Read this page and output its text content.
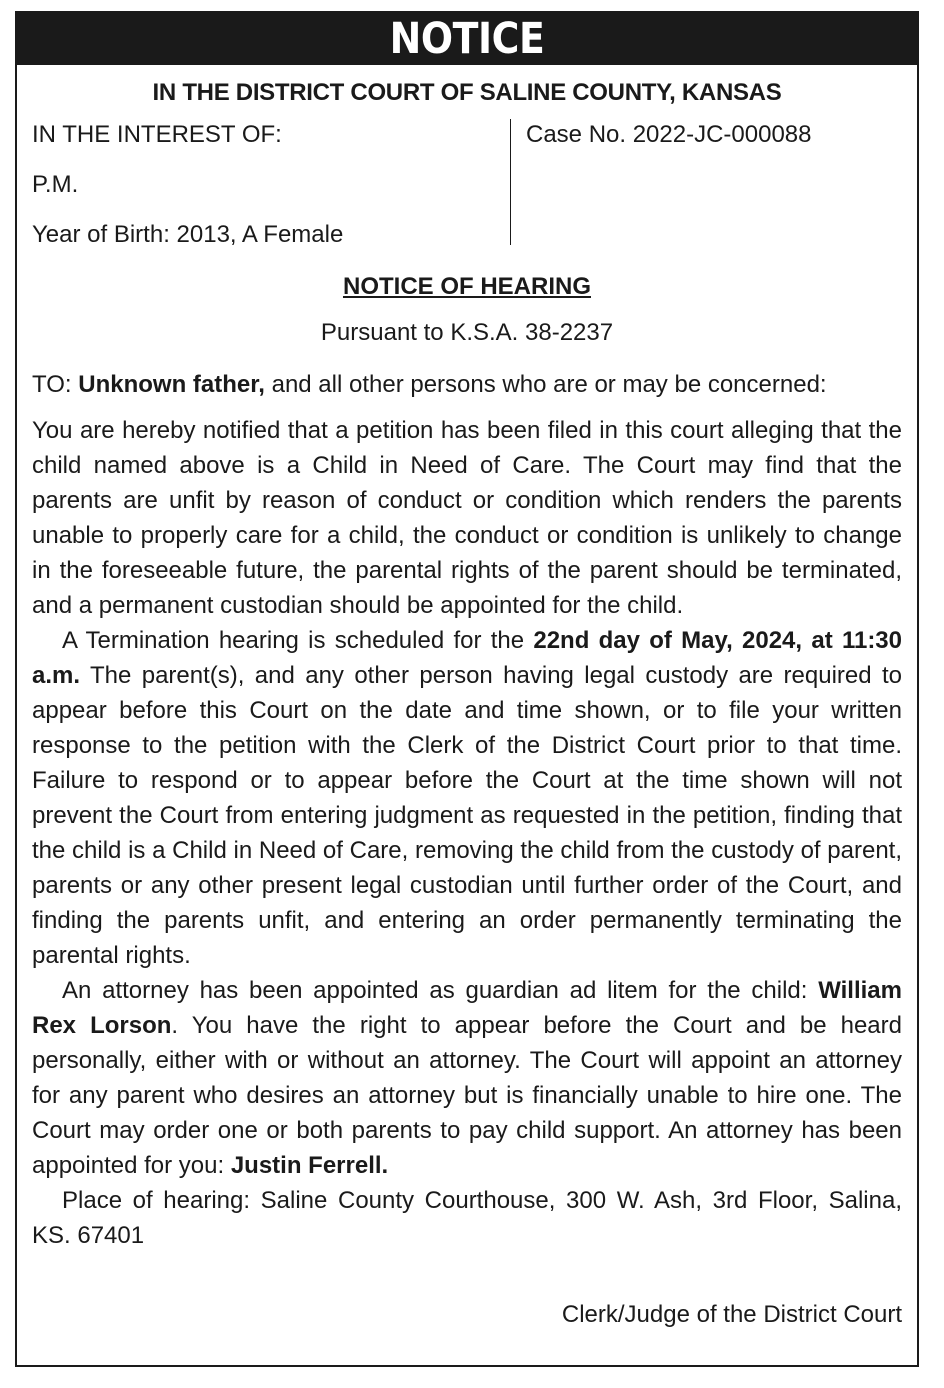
NOTICE
IN THE DISTRICT COURT OF SALINE COUNTY, KANSAS
IN THE INTEREST OF:
P.M.
Year of Birth: 2013, A Female
Case No. 2022-JC-000088
NOTICE OF HEARING
Pursuant to K.S.A. 38-2237
TO: Unknown father, and all other persons who are or may be concerned:

You are hereby notified that a petition has been filed in this court alleging that the child named above is a Child in Need of Care. The Court may find that the parents are unfit by reason of conduct or condition which renders the parents unable to properly care for a child, the conduct or condition is unlikely to change in the foreseeable future, the parental rights of the parent should be terminated, and a permanent custodian should be appointed for the child.

A Termination hearing is scheduled for the 22nd day of May, 2024, at 11:30 a.m. The parent(s), and any other person having legal custody are required to appear before this Court on the date and time shown, or to file your written response to the petition with the Clerk of the District Court prior to that time. Failure to respond or to appear before the Court at the time shown will not prevent the Court from entering judgment as requested in the petition, finding that the child is a Child in Need of Care, removing the child from the custody of parent, parents or any other present legal custodian until further order of the Court, and finding the parents unfit, and entering an order permanently terminating the parental rights.

An attorney has been appointed as guardian ad litem for the child: William Rex Lorson. You have the right to appear before the Court and be heard personally, either with or without an attorney. The Court will appoint an attorney for any parent who desires an attorney but is financially unable to hire one. The Court may order one or both parents to pay child support. An attorney has been appointed for you: Justin Ferrell.

Place of hearing: Saline County Courthouse, 300 W. Ash, 3rd Floor, Salina, KS. 67401

Clerk/Judge of the District Court
